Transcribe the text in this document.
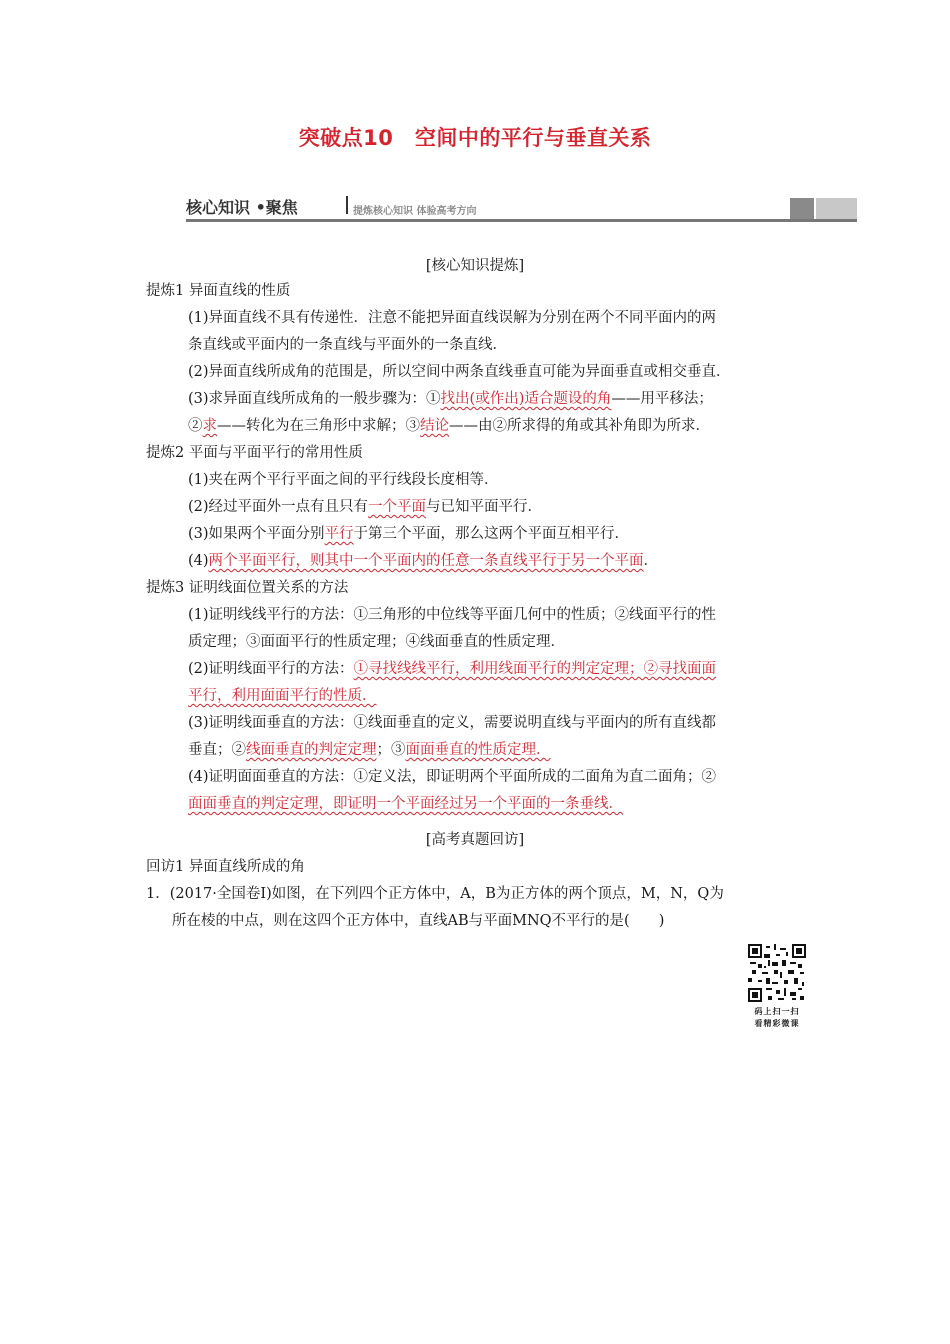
突破点10　空间中的平行与垂直关系
核心知识 •聚焦	提炼核心知识 体验高考方向
[核心知识提炼]
提炼1 异面直线的性质
(1)异面直线不具有传递性．注意不能把异面直线误解为分别在两个不同平面内的两
条直线或平面内的一条直线与平面外的一条直线．
(2)异面直线所成角的范围是，所以空间中两条直线垂直可能为异面垂直或相交垂直．
(3)求异面直线所成角的一般步骤为：①找出(或作出)适合题设的角——用平移法；
②求——转化为在三角形中求解；③结论——由②所求得的角或其补角即为所求．
提炼2 平面与平面平行的常用性质
(1)夹在两个平行平面之间的平行线段长度相等．
(2)经过平面外一点有且只有一个平面与已知平面平行．
(3)如果两个平面分别平行于第三个平面，那么这两个平面互相平行．
(4)两个平面平行，则其中一个平面内的任意一条直线平行于另一个平面．
提炼3 证明线面位置关系的方法
(1)证明线线平行的方法：①三角形的中位线等平面几何中的性质；②线面平行的性
质定理；③面面平行的性质定理；④线面垂直的性质定理．
(2)证明线面平行的方法：①寻找线线平行，利用线面平行的判定定理；②寻找面面
平行，利用面面平行的性质．
(3)证明线面垂直的方法：①线面垂直的定义，需要说明直线与平面内的所有直线都
垂直；②线面垂直的判定定理；③面面垂直的性质定理．
(4)证明面面垂直的方法：①定义法，即证明两个平面所成的二面角为直二面角；②
面面垂直的判定定理，即证明一个平面经过另一个平面的一条垂线．
[高考真题回访]
回访1 异面直线所成的角
1．(2017·全国卷Ⅰ)如图，在下列四个正方体中，A，B为正方体的两个顶点，M，N，Q为
所在棱的中点，则在这四个正方体中，直线AB与平面MNQ不平行的是(　　)
码上扫一扫
看精彩微课
